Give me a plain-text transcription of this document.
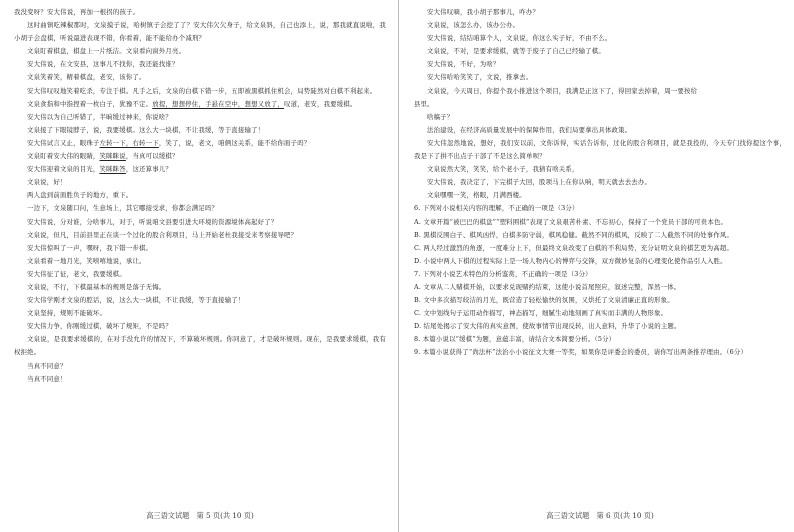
我没变呀？安大伟说，再加一根拐的孩子。

这时曲镇吃辣椒那时，文泉摸子说，哈树镇子会挖了了？安大伟欠欠身子，给文泉斜，自己也添上，说，那我就直说啦，我小胡子会盘棋，听说最进表现不错，你看着，能不能给办个减刑？

文泉盯着棋盘，棋盘上一片纸洁。文泉看向窗外月亮。

安大伟说，在文安县，这事儿不找你，我还能找谁？

文泉笑着笑，精着棋盘，老安，该你了。

安大伟叹叹地笑着吃杀，专注于棋。凡手之后，文泉的白棋下错一步，五即被黑棋抓住机会，局势陡然对白棋不利起来。

文泉食指和中指捏着一枚白子，犹豫不定。放提，想想停住，手悬在空中，想想又放了，叹道，老安，我要缓棋。

安大伟以为自己听错了，半晌缓过神来，你说啥？

文泉接了下眼镜脖子，说，我要缓棋。这么大一块棋，不让我缓，等于直接输了！

安大伟试言又止，眼珠子左转一下，右转一下，笑了，说，老文，咱俩这关系，能不给你面子吗？

文泉盯着安大伟的眼睛，笑眯眯说，当真可以缓棋？

安大伟迎着文泉的目光，笑眯眯答，这还算事儿？

文泉说，好！

两人盘到前面胜负子的地方，重下。

一边下，文泉随口问，生意场上，其它哪接受求，你都会满足吗？

安大伟说，分对谁，分啥事儿，对于，听说咱文县要引进大环境的资源境体高起好了？

文泉说，但凡，目前县里正在谈一个过化的股合利项目，马上开始老杜我接受来考察接导吧？

安大伟惊叫了一声，嘿呀，我下错一步棋。

文泉看着一地月光，笑嘻嘻地说，承让。

安大伟征了征，老文，我要缓棋。

文泉说，不行，下棋最基本的规则是落子无悔。

安大伟学刚才文泉的腔话，说，这么大一块棋，不让我缓，等于直接输了！

文泉坚持，规则不能破坏。

安大伟力争，你刚缓过棋，破坏了规矩，不是吗？

文泉说，是我要求缓棋的，在对手没允许的情况下，不算破坏规则。你同意了，才是破坏规则。现在，是我要求缓棋，我有权拒绝。

当真不同意？

当真不同意！

安大伟叹嘀，我小胡子那事儿，咋办？

文泉说，该怎么办，该办公办。

安大伟说，结结咱算个人，文泉说，你这么实子好，不由不么。

文泉说，不对，是要求缓棋，就等于废子了自己已经输了棋。

安大伟说，不好，为啥？

安大伟哈哈笑笑了，文说，推拿去。

文泉说，今天周日，你提个我小推进这个项目，我满是正这下了，得回家去掉着，周一要按给

县里。

啥稿子？

法治建设，在经济高质量发展中的保障作用，我们局要拿出具体政策。

安大伟忽然地说，想好，我们安以前，文你诉得，实话告诉你，过化的股合利项目，就是我投的，今天专门找你提这个事，我是下了拼不出点子干部了不是这么简单呗？

文泉说然大笑，笑笑，给个老小子，我猜有啥关系，

安大伟说，我决定了，下完棋子大回，股项马上在你认响，明天就去去去办。

文泉嘿嘿一笑，格眼，月满西楼。

6. 下列对小说相关内容的理解，不正确的一项是（3分）

A. 文章开篇“被巴巴的棋盘”“塑料围棋”表现了文泉艰苦朴素、不忘初心，保持了一个党员干部的可贵本色。

B. 黑棋反围白子、棋风凶悍，白棋多防守弱，棋风稳健。截然不同的棋风，反映了二人截然不同的处事作风。

C. 两人经过激烈的角逐，一度难分上下，但最终文泉改变了白棋的不利局势，充分证明文泉的棋艺更为高超。

D. 小说中两人下棋的过程实际上是一场人物内心的博弈与交锋，双方微妙复杂的心理变化使作品引人入胜。

7. 下列对小说艺术特色的分析鉴赏，不正确的一项是（3分）

A. 文章从二人赌棋开始，以要求兑现赌约结束，这使小说首尾照应，叙述完整，浑然一体。

B. 文中多次描写皎洁的月光，既营造了轻松愉快的氛围，又烘托了文泉清廉正直的形象。

C. 文中划线句子运用动作描写，神态描写，细腻生动地刻画了真实而丰满的人物形象。

D. 结尾处揭示了安大伟的真实意图，使故事情节出现反转，出人意料，升华了小说的主题。

8. 本篇小说以“缓棋”为题，意蕴丰富，请结合文本简要分析。（5分）

9. 本篇小说获得了“尚法杯”法治小小说征文大赛一等奖，如果你是评委会的委员，请你写出两条推荐理由。（6分）

高三语文试题　第 5 页(共 10 页)	高三语文试题　第 6 页(共 10 页)
